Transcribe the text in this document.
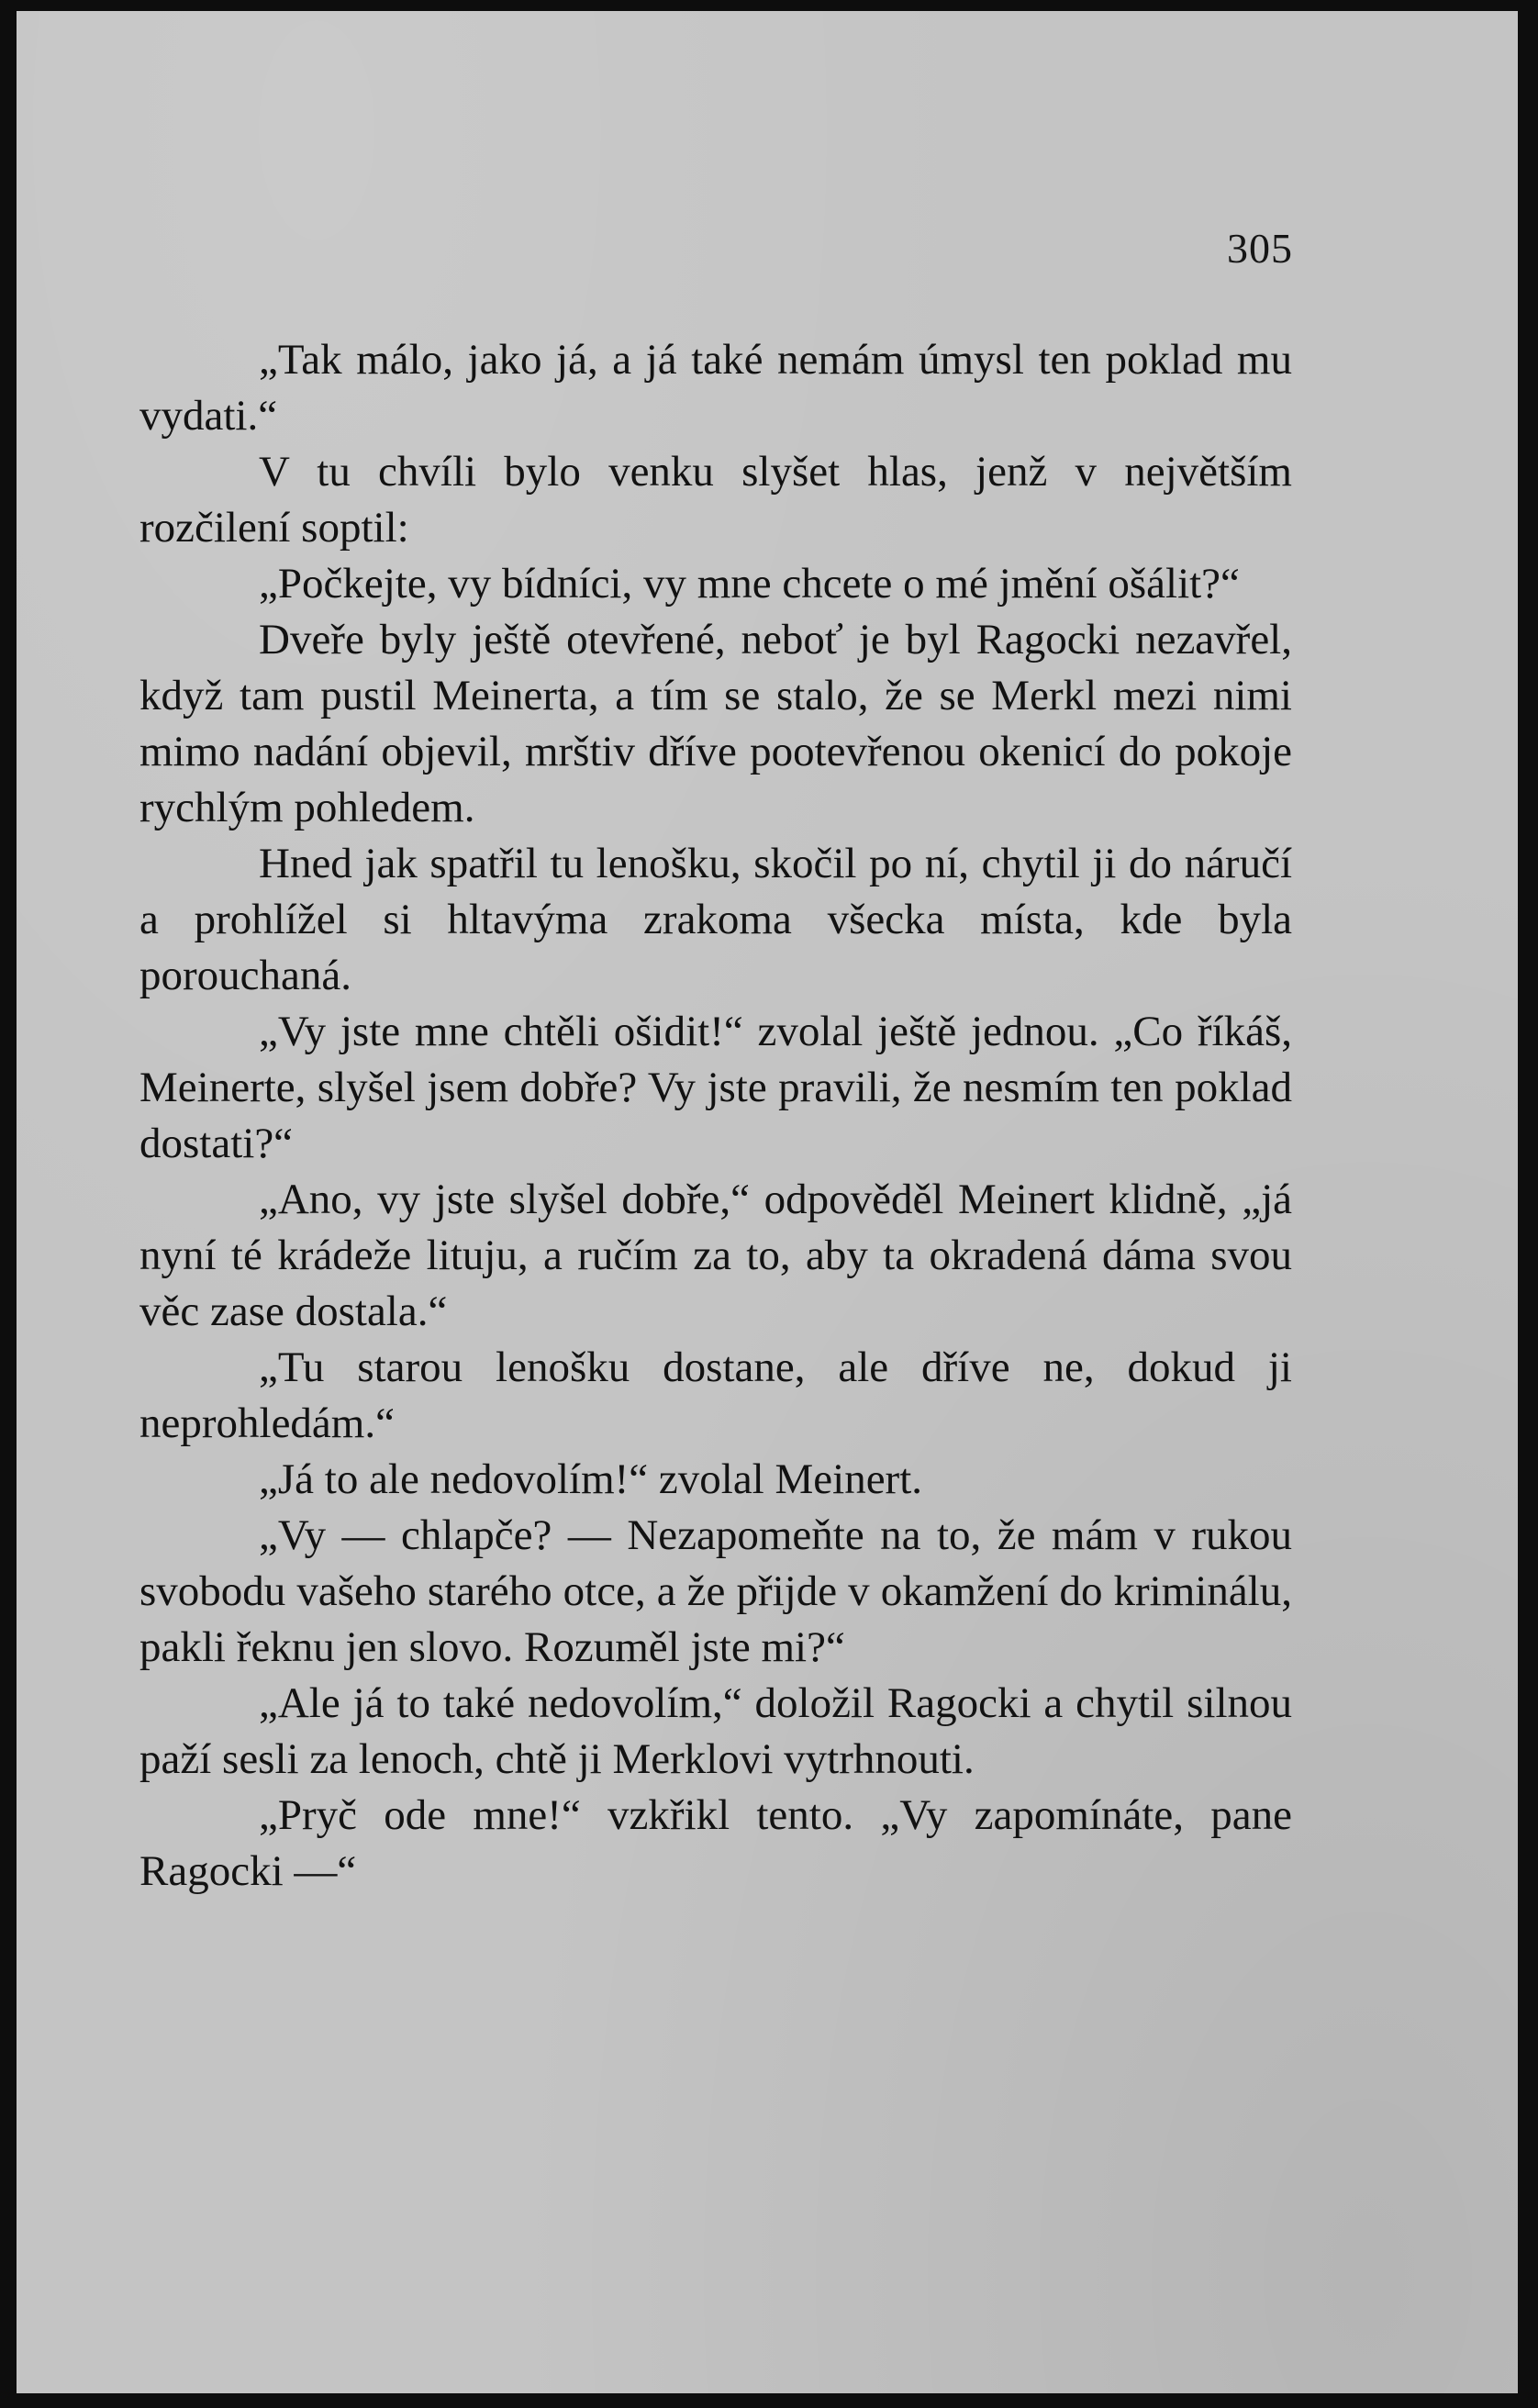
305

„Tak málo, jako já, a já také nemám úmysl ten poklad mu vydati.“

V tu chvíli bylo venku slyšet hlas, jenž v největším rozčilení soptil:

„Počkejte, vy bídníci, vy mne chcete o mé jmění ošálit?“

Dveře byly ještě otevřené, neboť je byl Ragocki nezavřel, když tam pustil Meinerta, a tím se stalo, že se Merkl mezi nimi mimo nadání objevil, mrštiv dříve pootevřenou okenicí do pokoje rychlým pohledem.

Hned jak spatřil tu lenošku, skočil po ní, chytil ji do náručí a prohlížel si hltavýma zrakoma všecka místa, kde byla porouchaná.

„Vy jste mne chtěli ošidit!“ zvolal ještě jednou. „Co říkáš, Meinerte, slyšel jsem dobře? Vy jste pravili, že nesmím ten poklad dostati?“

„Ano, vy jste slyšel dobře,“ odpověděl Meinert klidně, „já nyní té krádeže lituju, a ručím za to, aby ta okradená dáma svou věc zase dostala.“

„Tu starou lenošku dostane, ale dříve ne, dokud ji neprohledám.“

„Já to ale nedovolím!“ zvolal Meinert.

„Vy — chlapče? — Nezapomeňte na to, že mám v rukou svobodu vašeho starého otce, a že přijde v okamžení do kriminálu, pakli řeknu jen slovo. Rozuměl jste mi?“

„Ale já to také nedovolím,“ doložil Ragocki a chytil silnou paží sesli za lenoch, chtě ji Merklovi vytrhnouti.

„Pryč ode mne!“ vzkřikl tento. „Vy zapomínáte, pane Ragocki —“
